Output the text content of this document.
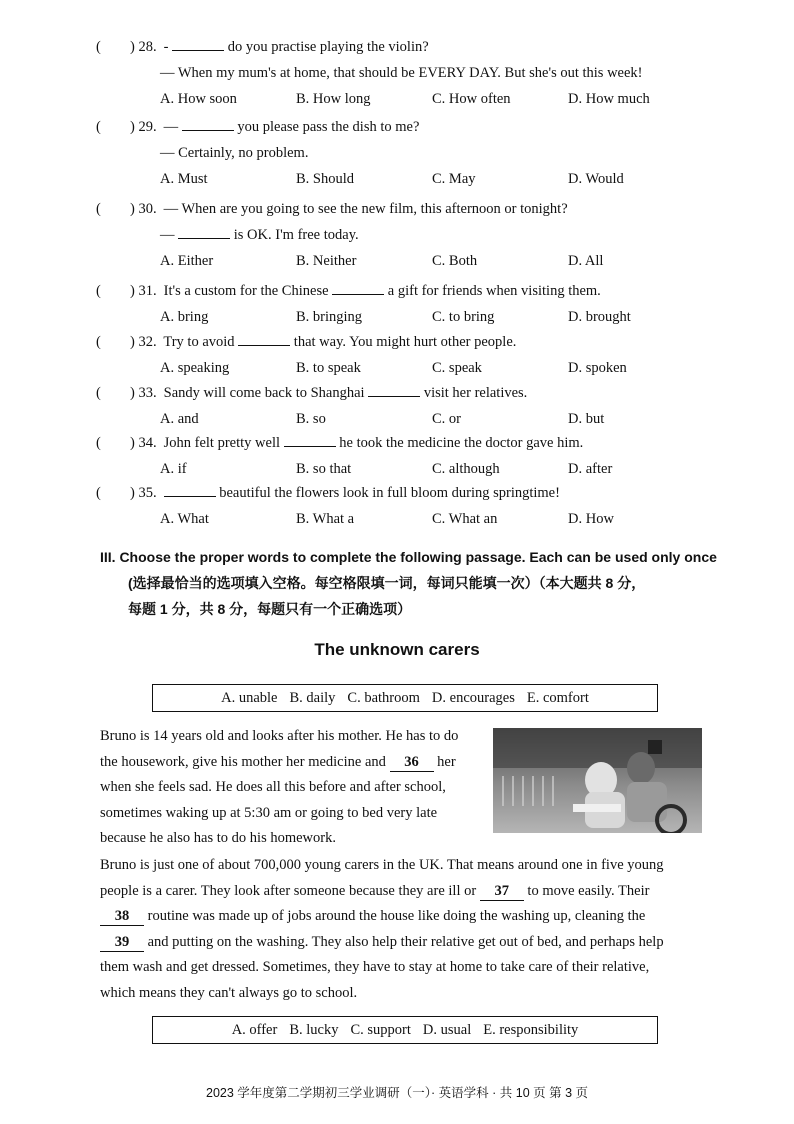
( ) 28. -	do you practise playing the violin?
— When my mum's at home, that should be EVERY DAY. But she's out this week!
A. How soon	B. How long	C. How often	D. How much
( ) 29. —	you please pass the dish to me?
— Certainly, no problem.
A. Must	B. Should	C. May	D. Would
( ) 30. — When are you going to see the new film, this afternoon or tonight?
—	is OK. I'm free today.
A. Either	B. Neither	C. Both	D. All
( ) 31. It's a custom for the Chinese	a gift for friends when visiting them.
A. bring	B. bringing	C. to bring	D. brought
( ) 32. Try to avoid	that way. You might hurt other people.
A. speaking	B. to speak	C. speak	D. spoken
( ) 33. Sandy will come back to Shanghai	visit her relatives.
A. and	B. so	C. or	D. but
( ) 34. John felt pretty well	he took the medicine the doctor gave him.
A. if	B. so that	C. although	D. after
( ) 35.	beautiful the flowers look in full bloom during springtime!
A. What	B. What a	C. What an	D. How
III. Choose the proper words to complete the following passage. Each can be used only once
(选择最恰当的选项填入空格。每空格限填一词，每词只能填一次）（本大题共 8 分，
每题 1 分，共 8 分，每题只有一个正确选项）
The unknown carers
A. unable B. daily C. bathroom D. encourages E. comfort
Bruno is 14 years old and looks after his mother. He has to do
the housework, give his mother her medicine and 36 her
when she feels sad. He does all this before and after school,
sometimes waking up at 5:30 am or going to bed very late
because he also has to do his homework.
Bruno is just one of about 700,000 young carers in the UK. That means around one in five young
people is a carer. They look after someone because they are ill or 37 to move easily. Their
38 routine was made up of jobs around the house like doing the washing up, cleaning the
39 and putting on the washing. They also help their relative get out of bed, and perhaps help
them wash and get dressed. Sometimes, they have to stay at home to take care of their relative,
which means they can't always go to school.
A. offer B. lucky C. support D. usual E. responsibility
2023 学年度第二学期初三学业调研（一）· 英语学科 · 共 10 页 第 3 页
